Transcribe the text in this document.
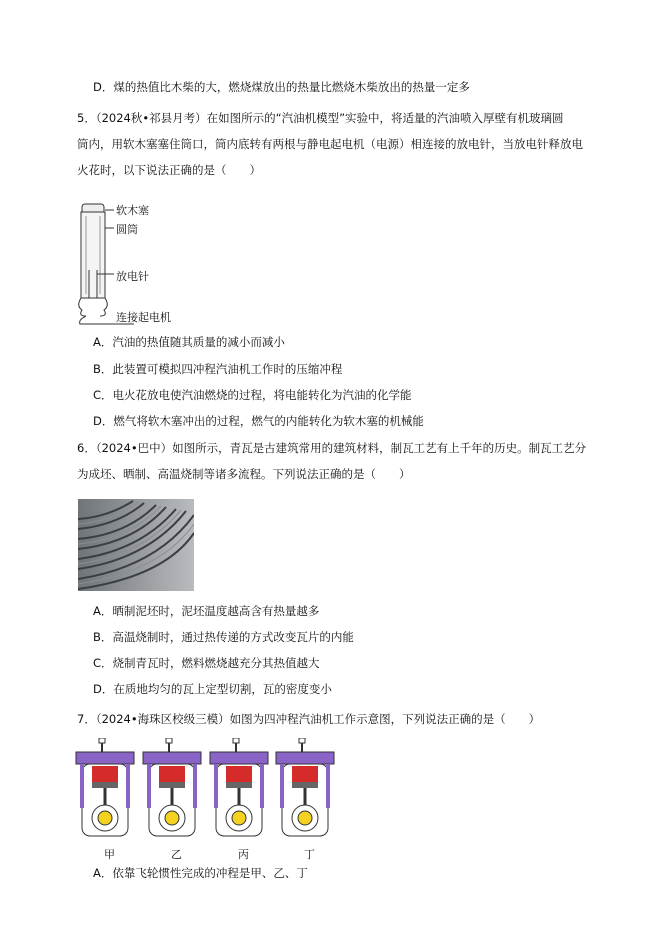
D．煤的热值比木柴的大，燃烧煤放出的热量比燃烧木柴放出的热量一定多
5．（2024秋•祁县月考）在如图所示的“汽油机模型”实验中，将适量的汽油喷入厚壁有机玻璃圆
筒内，用软木塞塞住筒口，筒内底转有两根与静电起电机（电源）相连接的放电针，当放电针释放电
火花时，以下说法正确的是（　　）
软木塞
圆筒
放电针
连接起电机
A．汽油的热值随其质量的减小而减小
B．此装置可模拟四冲程汽油机工作时的压缩冲程
C．电火花放电使汽油燃烧的过程，将电能转化为汽油的化学能
D．燃气将软木塞冲出的过程，燃气的内能转化为软木塞的机械能
6．（2024•巴中）如图所示，青瓦是古建筑常用的建筑材料，制瓦工艺有上千年的历史。制瓦工艺分
为成坯、晒制、高温烧制等诸多流程。下列说法正确的是（　　）
A．晒制泥坯时，泥坯温度越高含有热量越多
B．高温烧制时，通过热传递的方式改变瓦片的内能
C．烧制青瓦时，燃料燃烧越充分其热值越大
D．在质地均匀的瓦上定型切割，瓦的密度变小
7．（2024•海珠区校级三模）如图为四冲程汽油机工作示意图，下列说法正确的是（　　）
甲	乙	丙	丁
A．依靠飞轮惯性完成的冲程是甲、乙、丁
